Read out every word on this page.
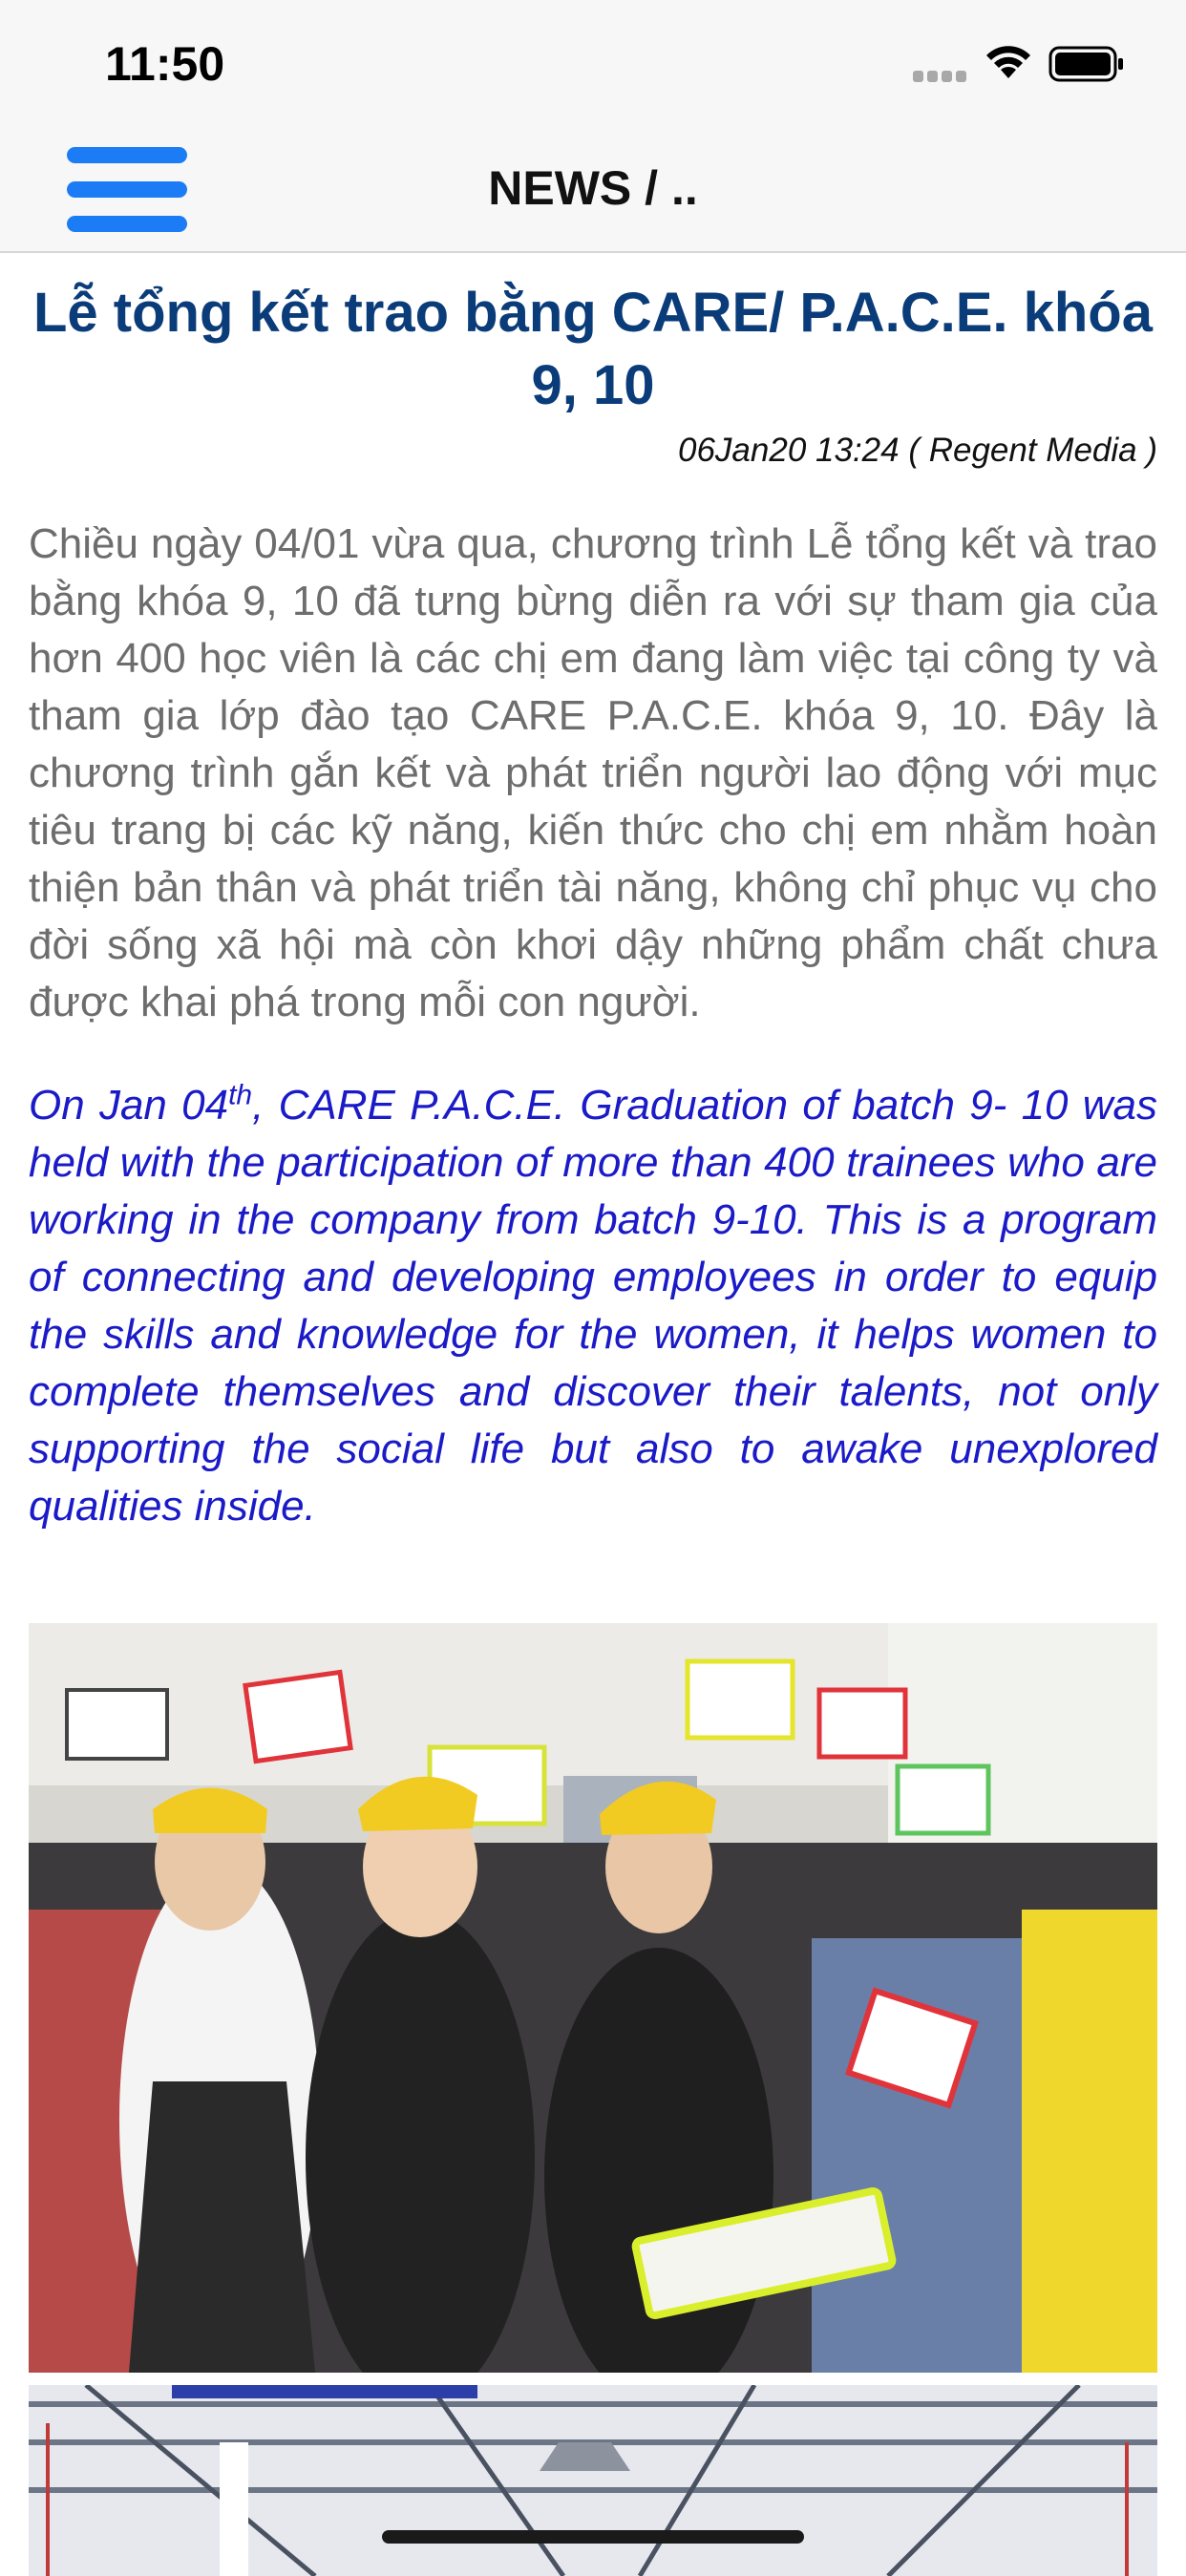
11:50
NEWS / ..
Lễ tổng kết trao bằng CARE/ P.A.C.E. khóa 9, 10
06Jan20 13:24 ( Regent Media )

Chiều ngày 04/01 vừa qua, chương trình Lễ tổng kết và trao bằng khóa 9, 10 đã tưng bừng diễn ra với sự tham gia của hơn 400 học viên là các chị em đang làm việc tại công ty và tham gia lớp đào tạo CARE P.A.C.E. khóa 9, 10. Đây là chương trình gắn kết và phát triển người lao động với mục tiêu trang bị các kỹ năng, kiến thức cho chị em nhằm hoàn thiện bản thân và phát triển tài năng, không chỉ phục vụ cho đời sống xã hội mà còn khơi dậy những phẩm chất chưa được khai phá trong mỗi con người.

On Jan 04th, CARE P.A.C.E. Graduation of batch 9- 10 was held with the participation of more than 400 trainees who are working in the company from batch 9-10. This is a program of connecting and developing employees in order to equip the skills and knowledge for the women, it helps women to complete themselves and discover their talents, not only supporting the social life but also to awake unexplored qualities inside.
